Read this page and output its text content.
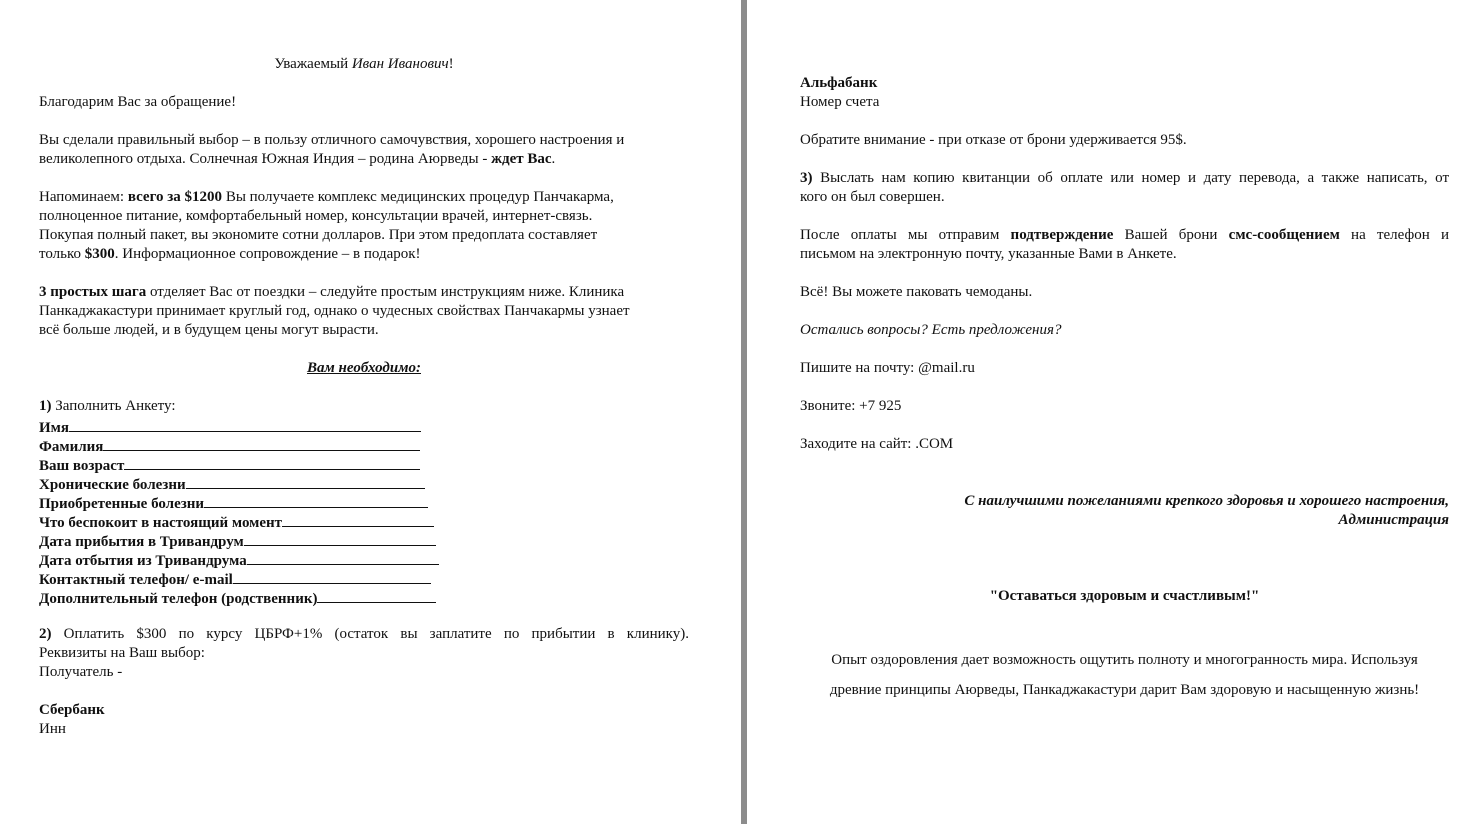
Уважаемый Иван Иванович!
Благодарим Вас за обращение!
Вы сделали правильный выбор – в пользу отличного самочувствия, хорошего настроения и
великолепного отдыха. Солнечная Южная Индия – родина Аюрведы - ждет Вас.
Напоминаем: всего за $1200 Вы получаете комплекс медицинских процедур Панчакарма,
полноценное питание, комфортабельный номер, консультации врачей, интернет-связь.
Покупая полный пакет, вы экономите сотни долларов. При этом предоплата составляет
только $300. Информационное сопровождение – в подарок!
3 простых шага отделяет Вас от поездки – следуйте простым инструкциям ниже. Клиника
Панкаджакастури принимает круглый год, однако о чудесных свойствах Панчакармы узнает
всё больше людей, и в будущем цены могут вырасти.
Вам необходимо:
1) Заполнить Анкету:
Имя
Фамилия
Ваш возраст
Хронические болезни
Приобретенные болезни
Что беспокоит в настоящий момент
Дата прибытия в Тривандрум
Дата отбытия из Тривандрума
Контактный телефон/ e-mail
Дополнительный телефон (родственник)
2) Оплатить $300 по курсу ЦБРФ+1% (остаток вы заплатите по прибытии в клинику).
Реквизиты на Ваш выбор:
Получатель -
Сбербанк
Инн
Альфабанк
Номер счета
Обратите внимание - при отказе от брони удерживается 95$.
3) Выслать нам копию квитанции об оплате или номер и дату перевода, а также написать, от
кого он был совершен.
После оплаты мы отправим подтверждение Вашей брони смс-сообщением на телефон и
письмом на электронную почту, указанные Вами в Анкете.
Всё! Вы можете паковать чемоданы.
Остались вопросы? Есть предложения?
Пишите на почту: @mail.ru
Звоните: +7 925
Заходите на сайт: .COM
С наилучшими пожеланиями крепкого здоровья и хорошего настроения,
Администрация
"Оставаться здоровым и счастливым!"
Опыт оздоровления дает возможность ощутить полноту и многогранность мира. Используя
древние принципы Аюрведы, Панкаджакастури дарит Вам здоровую и насыщенную жизнь!
